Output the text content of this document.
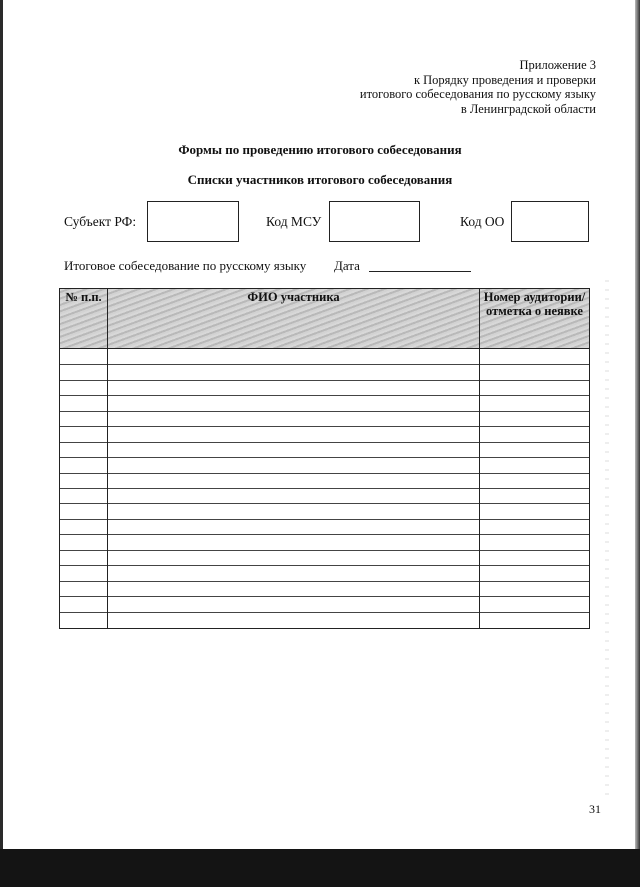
Приложение 3
к Порядку проведения и проверки
итогового собеседования по русскому языку
в Ленинградской области
Формы по проведению итогового собеседования
Списки участников итогового собеседования
Субъект РФ:	Код МСУ	Код ОО
Итоговое собеседование по русскому языку Дата
№ п.п.	ФИО участника	Номер аудитории/ отметка о неявке
31
